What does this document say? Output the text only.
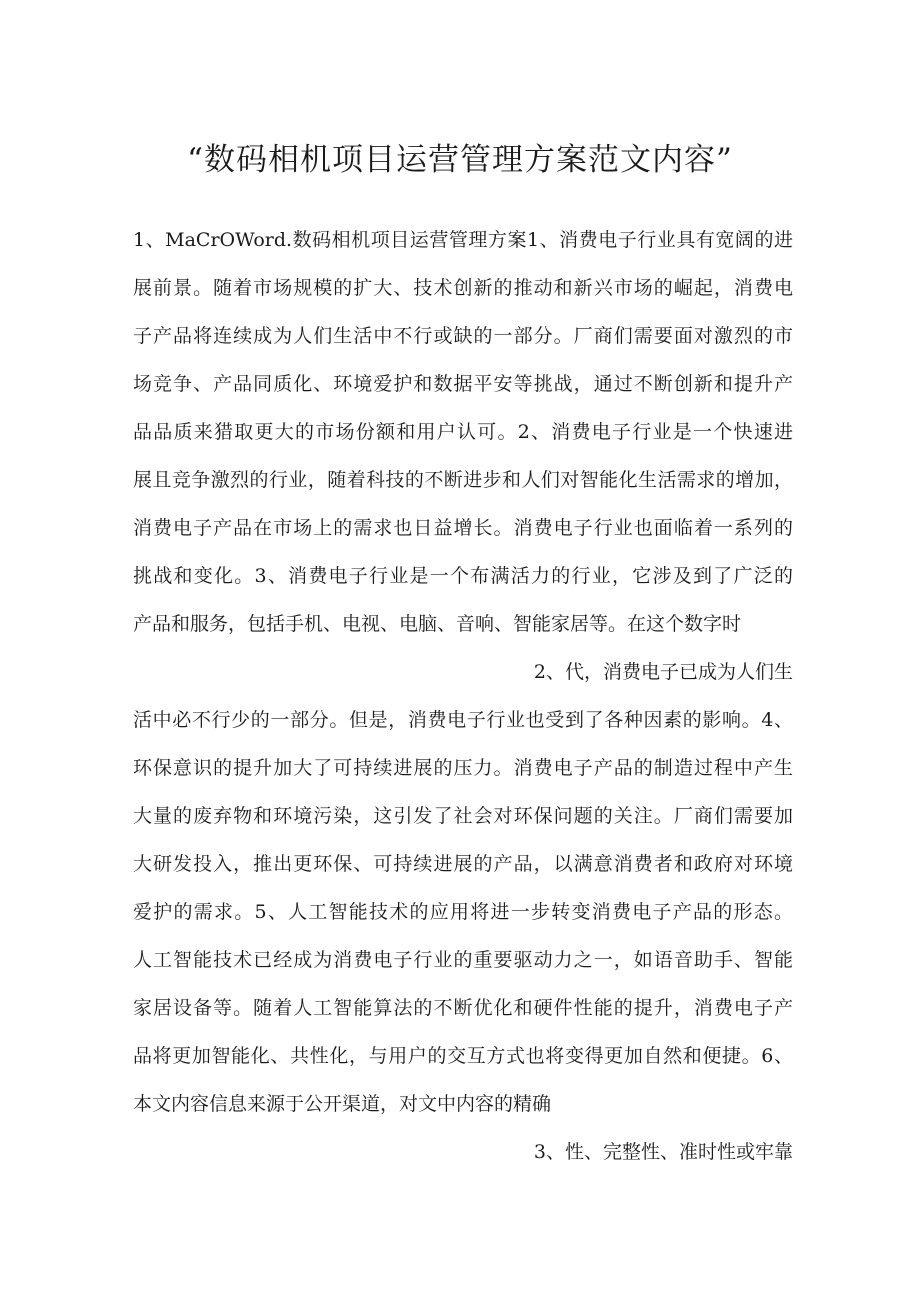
“数码相机项目运营管理方案范文内容”
1、MaCrOWord.数码相机项目运营管理方案1、消费电子行业具有宽阔的进
展前景。随着市场规模的扩大、技术创新的推动和新兴市场的崛起，消费电
子产品将连续成为人们生活中不行或缺的一部分。厂商们需要面对激烈的市
场竞争、产品同质化、环境爱护和数据平安等挑战，通过不断创新和提升产
品品质来猎取更大的市场份额和用户认可。2、消费电子行业是一个快速进
展且竞争激烈的行业，随着科技的不断进步和人们对智能化生活需求的增加，
消费电子产品在市场上的需求也日益增长。消费电子行业也面临着一系列的
挑战和变化。3、消费电子行业是一个布满活力的行业，它涉及到了广泛的
产品和服务，包括手机、电视、电脑、音响、智能家居等。在这个数字时
2、代，消费电子已成为人们生
活中必不行少的一部分。但是，消费电子行业也受到了各种因素的影响。4、
环保意识的提升加大了可持续进展的压力。消费电子产品的制造过程中产生
大量的废弃物和环境污染，这引发了社会对环保问题的关注。厂商们需要加
大研发投入，推出更环保、可持续进展的产品，以满意消费者和政府对环境
爱护的需求。5、人工智能技术的应用将进一步转变消费电子产品的形态。
人工智能技术已经成为消费电子行业的重要驱动力之一，如语音助手、智能
家居设备等。随着人工智能算法的不断优化和硬件性能的提升，消费电子产
品将更加智能化、共性化，与用户的交互方式也将变得更加自然和便捷。6、
本文内容信息来源于公开渠道，对文中内容的精确
3、性、完整性、准时性或牢靠
